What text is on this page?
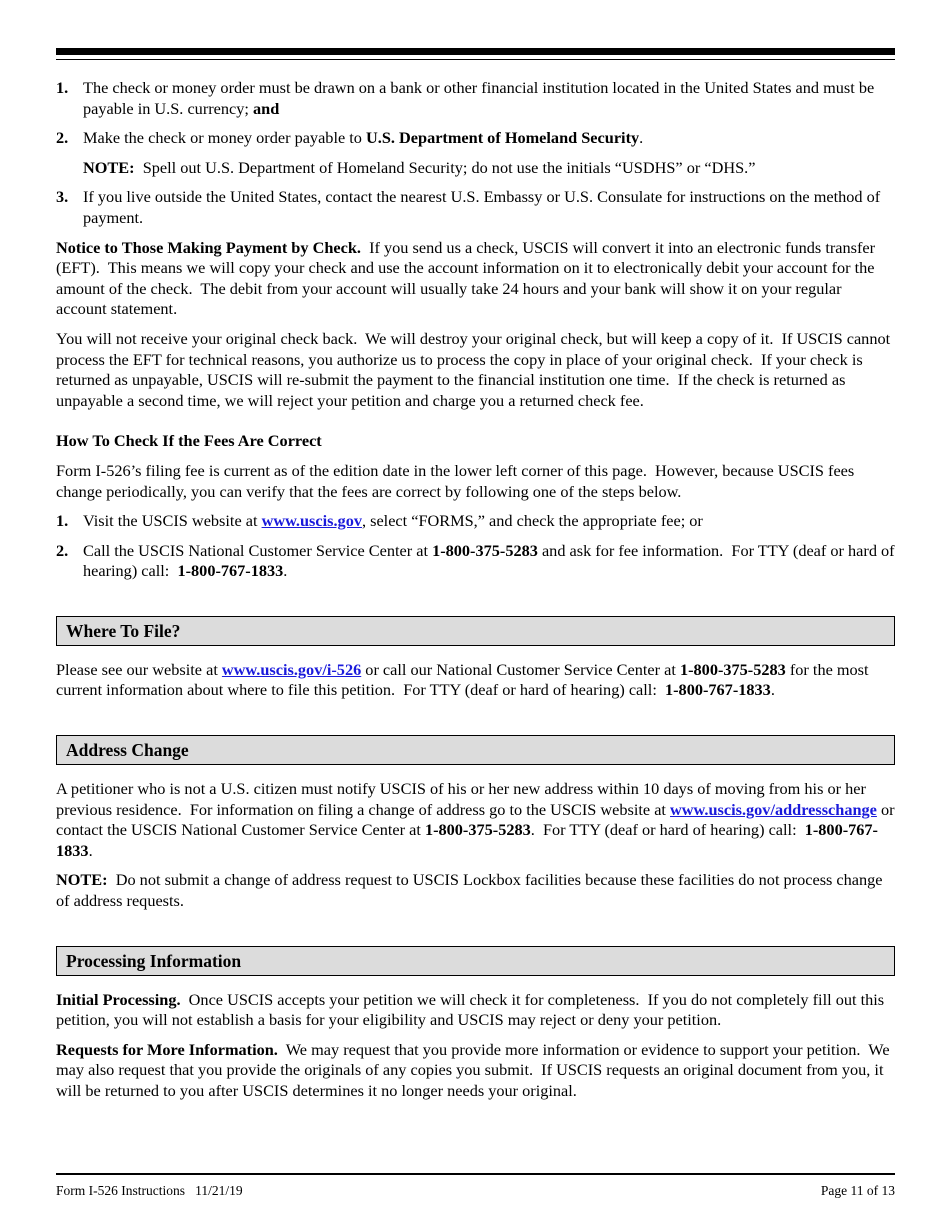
1. The check or money order must be drawn on a bank or other financial institution located in the United States and must be payable in U.S. currency; and
2. Make the check or money order payable to U.S. Department of Homeland Security.
NOTE:  Spell out U.S. Department of Homeland Security; do not use the initials “USDHS” or “DHS.”
3. If you live outside the United States, contact the nearest U.S. Embassy or U.S. Consulate for instructions on the method of payment.

Notice to Those Making Payment by Check.  If you send us a check, USCIS will convert it into an electronic funds transfer (EFT).  This means we will copy your check and use the account information on it to electronically debit your account for the amount of the check.  The debit from your account will usually take 24 hours and your bank will show it on your regular account statement.

You will not receive your original check back.  We will destroy your original check, but will keep a copy of it.  If USCIS cannot process the EFT for technical reasons, you authorize us to process the copy in place of your original check.  If your check is returned as unpayable, USCIS will re-submit the payment to the financial institution one time.  If the check is returned as unpayable a second time, we will reject your petition and charge you a returned check fee.

How To Check If the Fees Are Correct

Form I-526’s filing fee is current as of the edition date in the lower left corner of this page.  However, because USCIS fees change periodically, you can verify that the fees are correct by following one of the steps below.

1. Visit the USCIS website at www.uscis.gov, select “FORMS,” and check the appropriate fee; or
2. Call the USCIS National Customer Service Center at 1-800-375-5283 and ask for fee information.  For TTY (deaf or hard of hearing) call:  1-800-767-1833.
Where To File?

Please see our website at www.uscis.gov/i-526 or call our National Customer Service Center at 1-800-375-5283 for the most current information about where to file this petition.  For TTY (deaf or hard of hearing) call:  1-800-767-1833.

Address Change

A petitioner who is not a U.S. citizen must notify USCIS of his or her new address within 10 days of moving from his or her previous residence.  For information on filing a change of address go to the USCIS website at www.uscis.gov/addresschange or contact the USCIS National Customer Service Center at 1-800-375-5283.  For TTY (deaf or hard of hearing) call:  1-800-767-1833.

NOTE:  Do not submit a change of address request to USCIS Lockbox facilities because these facilities do not process change of address requests.

Processing Information

Initial Processing.  Once USCIS accepts your petition we will check it for completeness.  If you do not completely fill out this petition, you will not establish a basis for your eligibility and USCIS may reject or deny your petition.

Requests for More Information.  We may request that you provide more information or evidence to support your petition.  We may also request that you provide the originals of any copies you submit.  If USCIS requests an original document from you, it will be returned to you after USCIS determines it no longer needs your original.

Form I-526 Instructions   11/21/19	Page 11 of 13
